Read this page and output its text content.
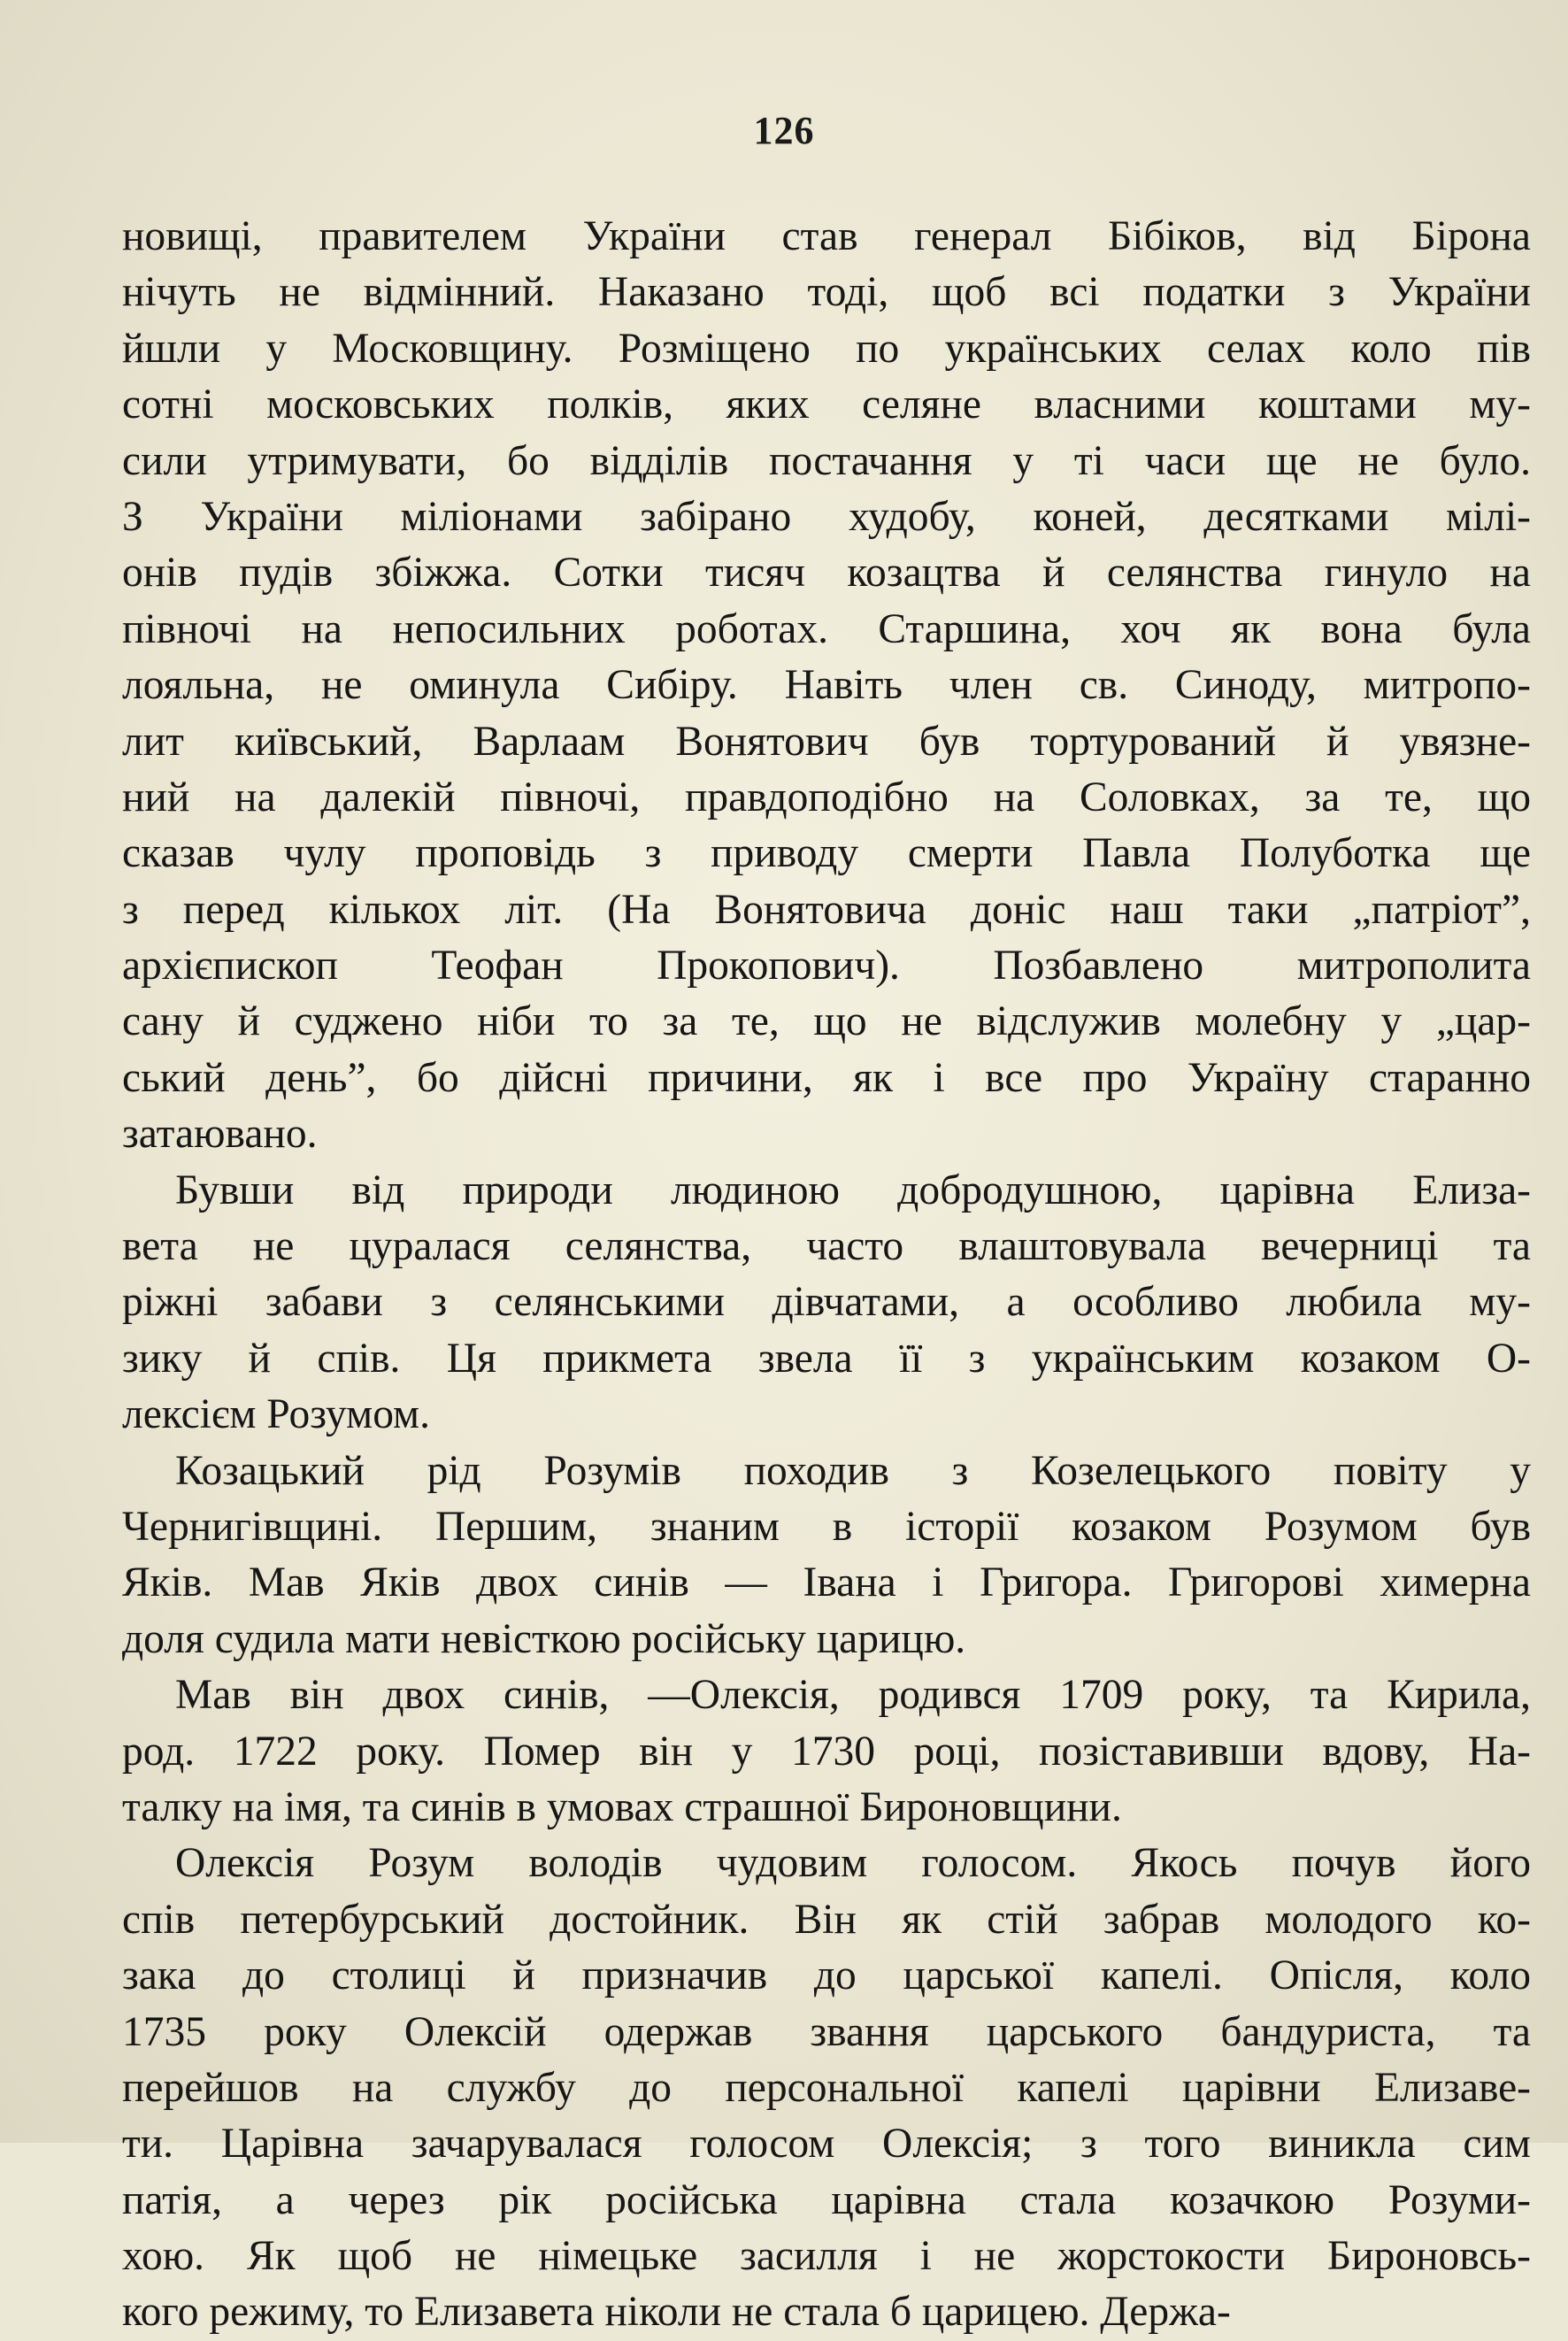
126
новищі, правителем України став генерал Бібіков, від Бірона
нічуть не відмінний. Наказано тоді, щоб всі податки з України
йшли у Московщину. Розміщено по українських селах коло пів
сотні московських полків, яких селяне власними коштами му-
сили утримувати, бо відділів постачання у ті часи ще не було.
З України міліонами забірано худобу, коней, десятками мілі-
онів пудів збіжжа. Сотки тисяч козацтва й селянства гинуло на
півночі на непосильних роботах. Старшина, хоч як вона була
лояльна, не оминула Сибіру. Навіть член св. Синоду, митропо-
лит київський, Варлаам Вонятович був тортурований й увязне-
ний на далекій півночі, правдоподібно на Соловках, за те, що
сказав чулу проповідь з приводу смерти Павла Полуботка ще
з перед кількох літ. (На Вонятовича доніс наш таки „патріот”,
архієпископ Теофан Прокопович). Позбавлено митрополита
сану й суджено ніби то за те, що не відслужив молебну у „цар-
ський день”, бо дійсні причини, як і все про Україну старанно
затаювано.
Бувши від природи людиною добродушною, царівна Елиза-
вета не цуралася селянства, часто влаштовувала вечерниці та
ріжні забави з селянськими дівчатами, а особливо любила му-
зику й спів. Ця прикмета звела її з українським козаком О-
лексієм Розумом.
Козацький рід Розумів походив з Козелецького повіту у
Чернигівщині. Першим, знаним в історії козаком Розумом був
Яків. Мав Яків двох синів — Івана і Григора. Григорові химерна
доля судила мати невісткою російську царицю.
Мав він двох синів, —Олексія, родився 1709 року, та Кирила,
род. 1722 року. Помер він у 1730 році, позіставивши вдову, На-
талку на імя, та синів в умовах страшної Бироновщини.
Олексія Розум володів чудовим голосом. Якось почув його
спів петербурський достойник. Він як стій забрав молодого ко-
зака до столиці й призначив до царської капелі. Опісля, коло
1735 року Олексій одержав звання царського бандуриста, та
перейшов на службу до персональної капелі царівни Елизаве-
ти. Царівна зачарувалася голосом Олексія; з того виникла сим
патія, а через рік російська царівна стала козачкою Розуми-
хою. Як щоб не німецьке засилля і не жорстокости Бироновсь-
кого режиму, то Елизавета ніколи не стала б царицею. Держа-
